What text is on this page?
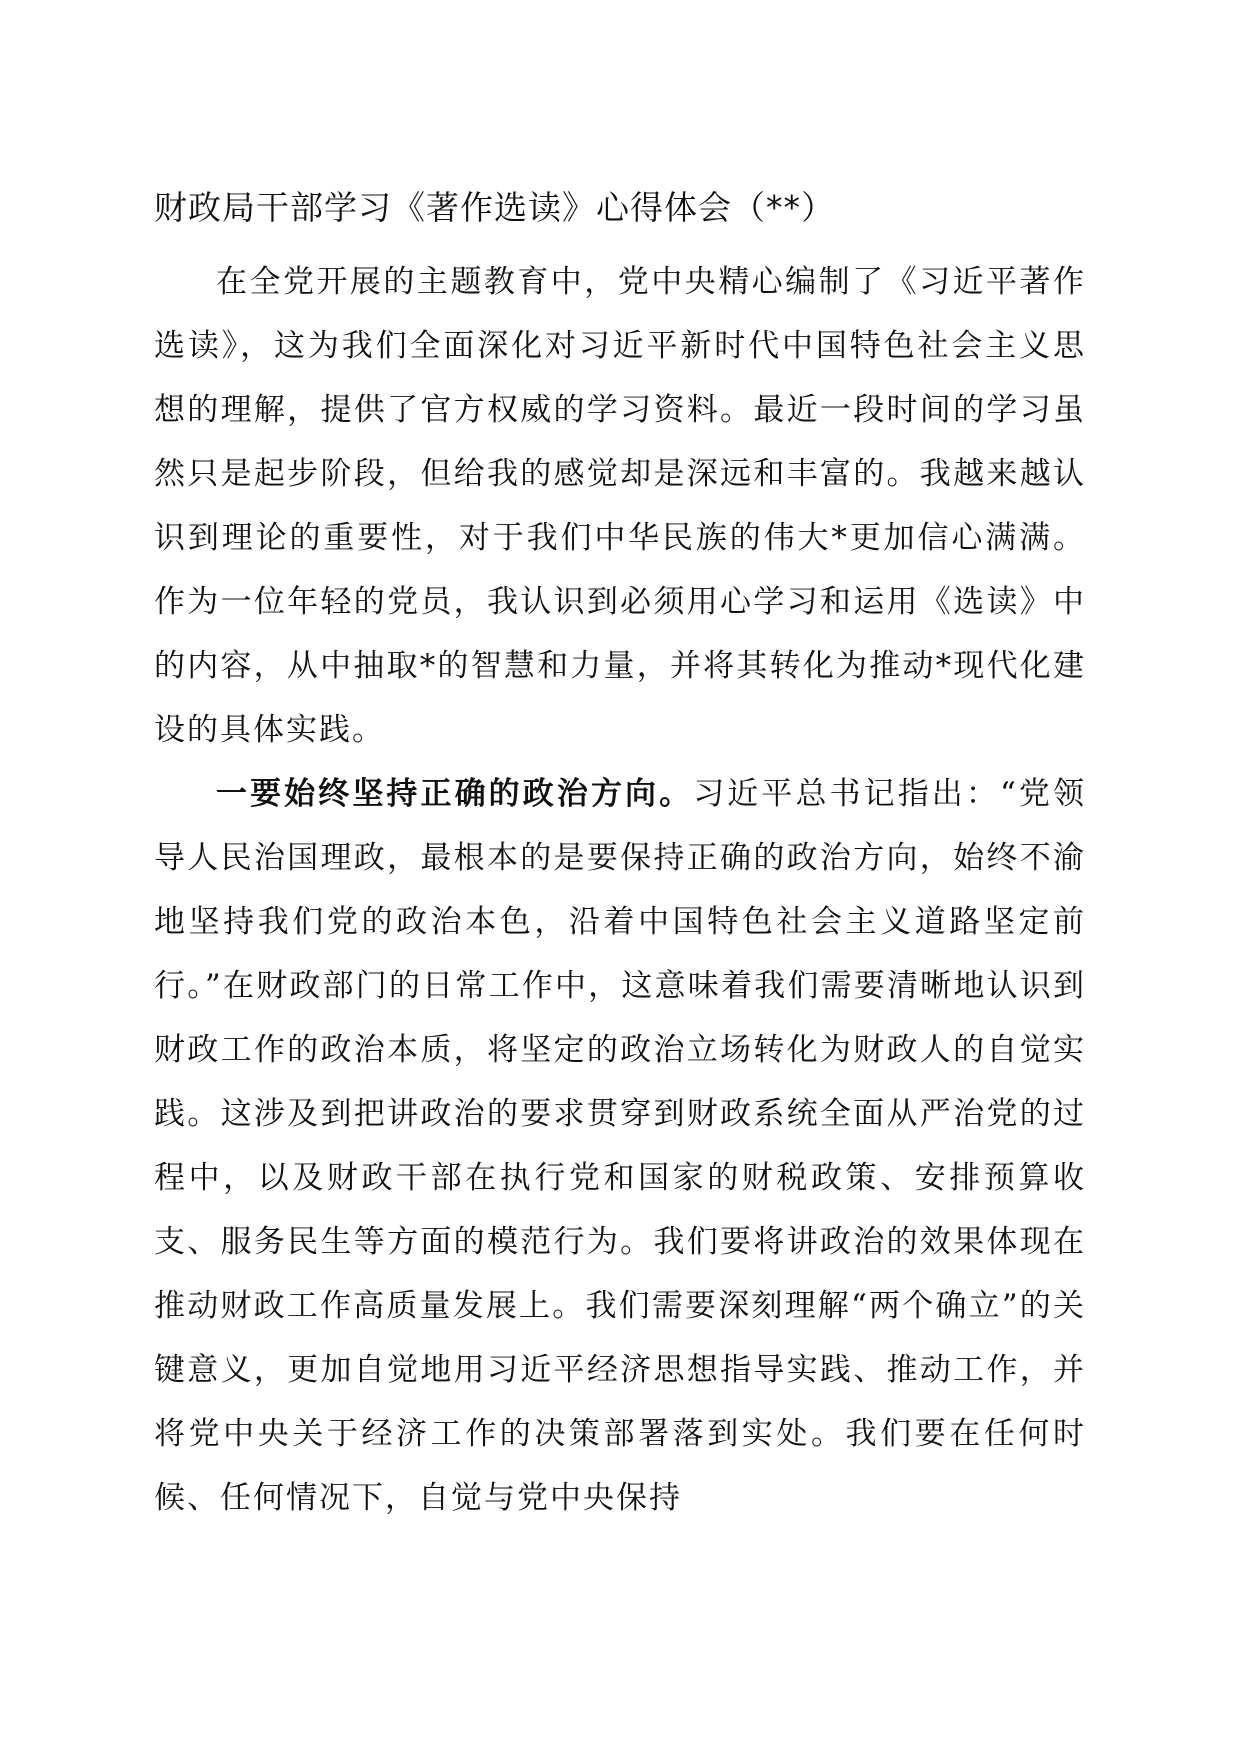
财政局干部学习《著作选读》心得体会（**）

在全党开展的主题教育中，党中央精心编制了《习近平著作选读》，这为我们全面深化对习近平新时代中国特色社会主义思想的理解，提供了官方权威的学习资料。最近一段时间的学习虽然只是起步阶段，但给我的感觉却是深远和丰富的。我越来越认识到理论的重要性，对于我们中华民族的伟大*更加信心满满。作为一位年轻的党员，我认识到必须用心学习和运用《选读》中的内容，从中抽取*的智慧和力量，并将其转化为推动*现代化建设的具体实践。

一要始终坚持正确的政治方向。习近平总书记指出：“党领导人民治国理政，最根本的是要保持正确的政治方向，始终不渝地坚持我们党的政治本色，沿着中国特色社会主义道路坚定前行。”在财政部门的日常工作中，这意味着我们需要清晰地认识到财政工作的政治本质，将坚定的政治立场转化为财政人的自觉实践。这涉及到把讲政治的要求贯穿到财政系统全面从严治党的过程中，以及财政干部在执行党和国家的财税政策、安排预算收支、服务民生等方面的模范行为。我们要将讲政治的效果体现在推动财政工作高质量发展上。我们需要深刻理解“两个确立”的关键意义，更加自觉地用习近平经济思想指导实践、推动工作，并将党中央关于经济工作的决策部署落到实处。我们要在任何时候、任何情况下，自觉与党中央保持
